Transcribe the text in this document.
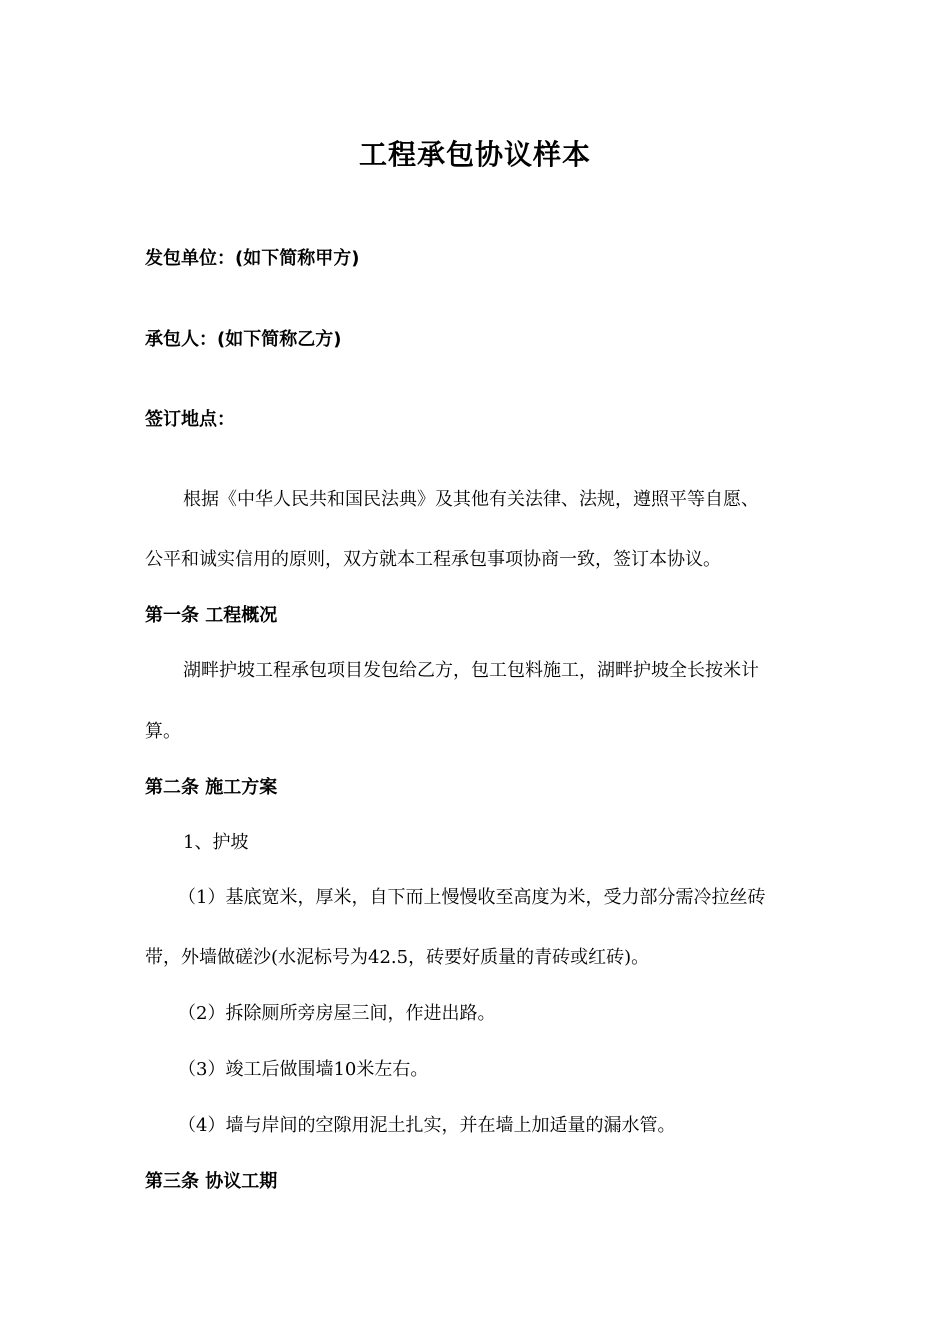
工程承包协议样本
发包单位：(如下简称甲方)
承包人：(如下简称乙方)
签订地点：
根据《中华人民共和国民法典》及其他有关法律、法规，遵照平等自愿、
公平和诚实信用的原则，双方就本工程承包事项协商一致，签订本协议。
第一条 工程概况
湖畔护坡工程承包项目发包给乙方，包工包料施工，湖畔护坡全长按米计
算。
第二条 施工方案
1、护坡
（1）基底宽米，厚米，自下而上慢慢收至高度为米，受力部分需冷拉丝砖
带，外墙做磋沙(水泥标号为42.5，砖要好质量的青砖或红砖)。
（2）拆除厕所旁房屋三间，作进出路。
（3）竣工后做围墙10米左右。
（4）墙与岸间的空隙用泥土扎实，并在墙上加适量的漏水管。
第三条 协议工期
